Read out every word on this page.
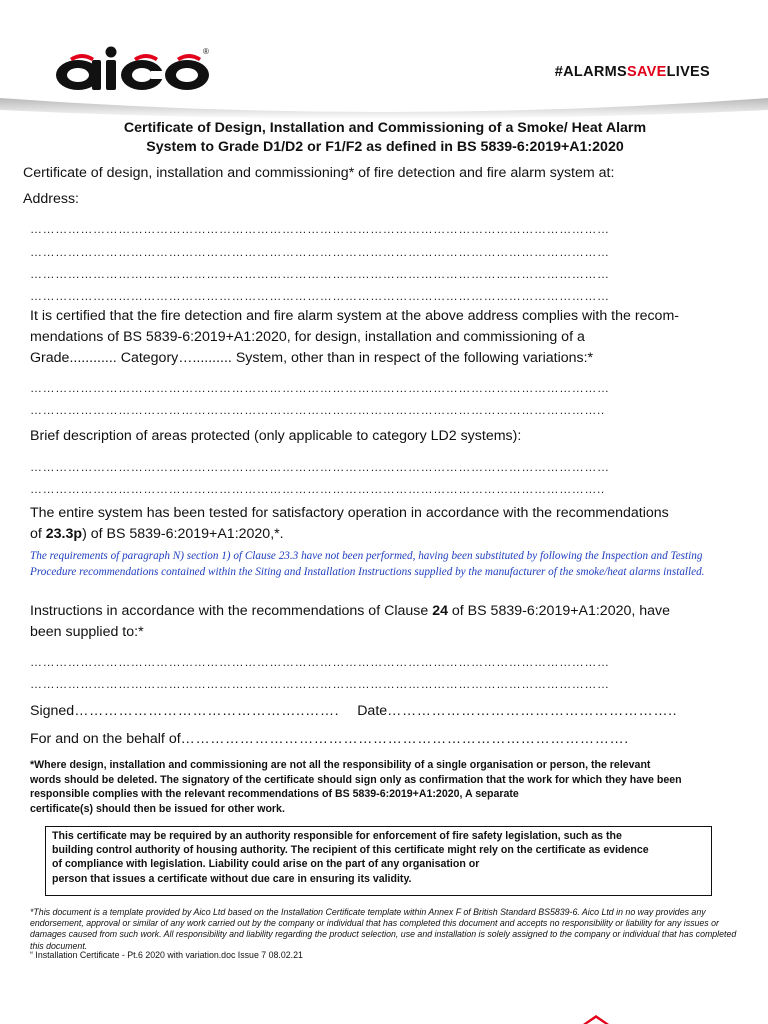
®
#ALARMSSAVELIVES
Certificate of Design, Installation and Commissioning of a Smoke/ Heat Alarm
System to Grade D1/D2 or F1/F2 as defined in BS 5839-6:2019+A1:2020
Certificate of design, installation and commissioning* of fire detection and fire alarm system at:
Address:
…………………………………………………………………………………………………………………………
…………………………………………………………………………………………………………………………
…………………………………………………………………………………………………………………………
…………………………………………………………………………………………………………………………
It is certified that the fire detection and fire alarm system at the above address complies with the recom-
mendations of BS 5839-6:2019+A1:2020, for design, installation and commissioning of a
Grade............ Category….......... System, other than in respect of the following variations:*
…………………………………………………………………………………………………………………………
………………………………………………………………………………………………………………………..
Brief description of areas protected (only applicable to category LD2 systems):
…………………………………………………………………………………………………………………………
………………………………………………………………………………………………………………………..
The entire system has been tested for satisfactory operation in accordance with the recommendations
of 23.3p) of BS 5839-6:2019+A1:2020,*.
The requirements of paragraph N) section 1) of Clause 23.3 have not been performed, having been substituted by following the Inspection and Testing Procedure recommendations contained within the Siting and Installation Instructions supplied by the manufacturer of the smoke/heat alarms installed.
Instructions in accordance with the recommendations of Clause 24 of BS 5839-6:2019+A1:2020, have
been supplied to:*
…………………………………………………………………………………………………………………………
…………………………………………………………………………………………………………………………
Signed………………………………………..……. Date…………………………………………………..
For and on the behalf of……………………………………………………………………………….
*Where design, installation and commissioning are not all the responsibility of a single organisation or person, the relevant
words should be deleted. The signatory of the certificate should sign only as confirmation that the work for which they have been
responsible complies with the relevant recommendations of BS 5839-6:2019+A1:2020, A separate
certificate(s) should then be issued for other work.
This certificate may be required by an authority responsible for enforcement of fire safety legislation, such as the
building control authority of housing authority. The recipient of this certificate might rely on the certificate as evidence
of compliance with legislation. Liability could arise on the part of any organisation or
person that issues a certificate without due care in ensuring its validity.
*This document is a template provided by Aico Ltd based on the Installation Certificate template within Annex F of British Standard BS5839-6. Aico Ltd in no way provides any endorsement, approval or similar of any work carried out by the company or individual that has completed this document and accepts no responsibility or liability for any issues or damages caused from such work. All responsibility and liability regarding the product selection, use and installation is solely assigned to the company or individual that has completed this document.
“ Installation Certificate - Pt.6 2020 with variation.doc Issue 7 08.02.21
